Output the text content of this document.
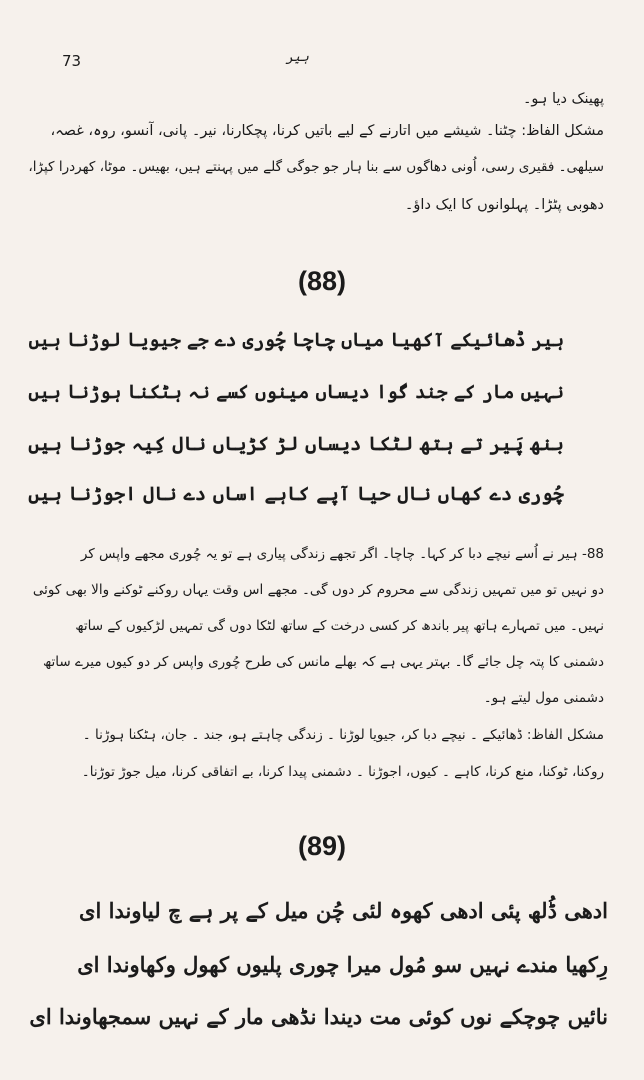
73	ہیر
پھینک دیا ہو۔
مشکل الفاظ: چٹنا۔ شیشے میں اتارنے کے لیے باتیں کرنا، پچکارنا، نیر۔ پانی، آنسو، روہ، غصہ،
سیلھی۔ فقیری رسی، اُونی دھاگوں سے بنا ہار جو جوگی گلے میں پہنتے ہیں، بھیس۔ موٹا، کھردرا کپڑا،
دھوبی پٹڑا۔ پہلوانوں کا ایک داؤ۔
(88)
ہیر ڈھائیکے آکھیا میاں چاچا چُوری دے جے جیویا لوڑنا ہیں
نہیں مار کے جند گوا دیساں مینوں کسے نہ ہٹکنا ہوڑنا ہیں
بنھ پَیر تے ہتھ لٹکا دیساں لڑ کڑیاں نال کِیہ جوڑنا ہیں
چُوری دے کھاں نال حیا آپے کاہے اساں دے نال اجوڑنا ہیں
88- ہیر نے اُسے نیچے دبا کر کہا۔ چاچا۔ اگر تجھے زندگی پیاری ہے تو یہ چُوری مجھے واپس کر
دو نہیں تو میں تمہیں زندگی سے محروم کر دوں گی۔ مجھے اس وقت یہاں روکنے ٹوکنے والا بھی کوئی
نہیں۔ میں تمہارے ہاتھ پیر باندھ کر کسی درخت کے ساتھ لٹکا دوں گی تمہیں لڑکیوں کے ساتھ
دشمنی کا پتہ چل جائے گا۔ بہتر یہی ہے کہ بھلے مانس کی طرح چُوری واپس کر دو کیوں میرے ساتھ
دشمنی مول لیتے ہو۔
مشکل الفاظ: ڈھائیکے ۔ نیچے دبا کر، جیویا لوڑنا ۔ زندگی چاہتے ہو، جند ۔ جان، ہٹکنا ہوڑنا ۔
روکنا، ٹوکنا، منع کرنا، کاہے ۔ کیوں، اجوڑنا ۔ دشمنی پیدا کرنا، بے اتفاقی کرنا، میل جوڑ توڑنا۔
(89)
ادھی ڈُلھ پئی ادھی کھوہ لئی چُن میل کے پر ہے چ لیاوندا ای
رِکھیا مندے نہیں سو مُول میرا چوری پلیوں کھول وکھاوندا ای
نائیں چوچکے نوں کوئی مت دیندا نڈھی مار کے نہیں سمجھاوندا ای
